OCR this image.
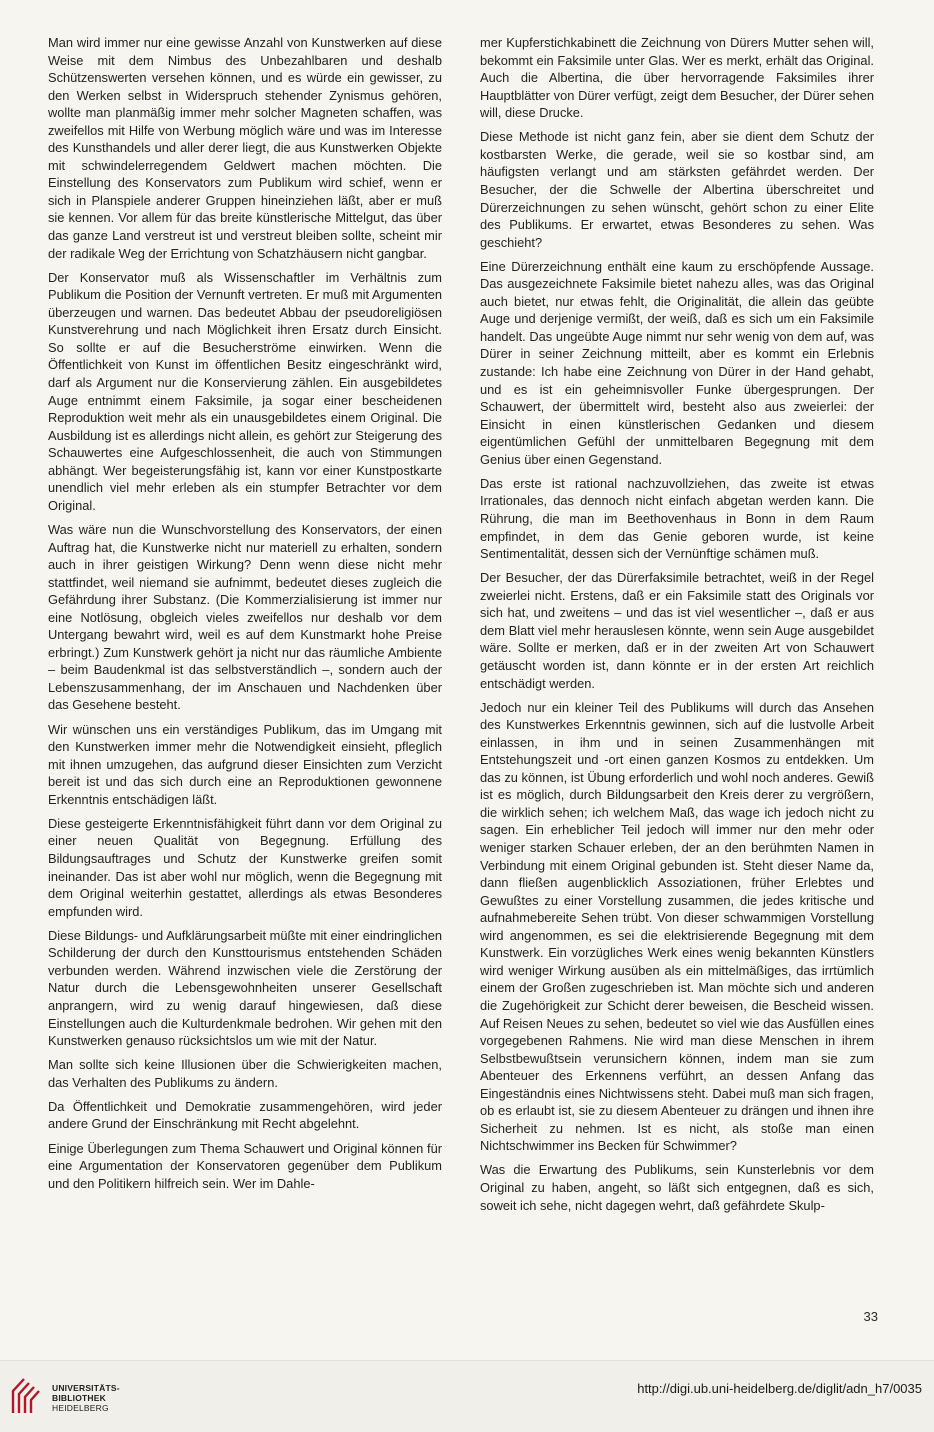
Man wird immer nur eine gewisse Anzahl von Kunstwerken auf diese Weise mit dem Nimbus des Unbezahlbaren und deshalb Schützenswerten versehen können, und es würde ein gewisser, zu den Werken selbst in Widerspruch stehender Zynismus gehören, wollte man planmäßig immer mehr solcher Magneten schaffen, was zweifellos mit Hilfe von Werbung möglich wäre und was im Interesse des Kunsthandels und aller derer liegt, die aus Kunstwerken Objekte mit schwindelerregendem Geldwert machen möchten. Die Einstellung des Konservators zum Publikum wird schief, wenn er sich in Planspiele anderer Gruppen hineinziehen läßt, aber er muß sie kennen. Vor allem für das breite künstlerische Mittelgut, das über das ganze Land verstreut ist und verstreut bleiben sollte, scheint mir der radikale Weg der Errichtung von Schatzhäusern nicht gangbar.

Der Konservator muß als Wissenschaftler im Verhältnis zum Publikum die Position der Vernunft vertreten. Er muß mit Argumenten überzeugen und warnen. Das bedeutet Abbau der pseudoreligiösen Kunstverehrung und nach Möglichkeit ihren Ersatz durch Einsicht. So sollte er auf die Besucherströme einwirken. Wenn die Öffentlichkeit von Kunst im öffentlichen Besitz eingeschränkt wird, darf als Argument nur die Konservierung zählen. Ein ausgebildetes Auge entnimmt einem Faksimile, ja sogar einer bescheidenen Reproduktion weit mehr als ein unausgebildetes einem Original. Die Ausbildung ist es allerdings nicht allein, es gehört zur Steigerung des Schauwertes eine Aufgeschlossenheit, die auch von Stimmungen abhängt. Wer begeisterungsfähig ist, kann vor einer Kunstpostkarte unendlich viel mehr erleben als ein stumpfer Betrachter vor dem Original.

Was wäre nun die Wunschvorstellung des Konservators, der einen Auftrag hat, die Kunstwerke nicht nur materiell zu erhalten, sondern auch in ihrer geistigen Wirkung? Denn wenn diese nicht mehr stattfindet, weil niemand sie aufnimmt, bedeutet dieses zugleich die Gefährdung ihrer Substanz. (Die Kommerzialisierung ist immer nur eine Notlösung, obgleich vieles zweifellos nur deshalb vor dem Untergang bewahrt wird, weil es auf dem Kunstmarkt hohe Preise erbringt.) Zum Kunstwerk gehört ja nicht nur das räumliche Ambiente – beim Baudenkmal ist das selbstverständlich –, sondern auch der Lebenszusammenhang, der im Anschauen und Nachdenken über das Gesehene besteht.

Wir wünschen uns ein verständiges Publikum, das im Umgang mit den Kunstwerken immer mehr die Notwendigkeit einsieht, pfleglich mit ihnen umzugehen, das aufgrund dieser Einsichten zum Verzicht bereit ist und das sich durch eine an Reproduktionen gewonnene Erkenntnis entschädigen läßt.

Diese gesteigerte Erkenntnisfähigkeit führt dann vor dem Original zu einer neuen Qualität von Begegnung. Erfüllung des Bildungsauftrages und Schutz der Kunstwerke greifen somit ineinander. Das ist aber wohl nur möglich, wenn die Begegnung mit dem Original weiterhin gestattet, allerdings als etwas Besonderes empfunden wird.

Diese Bildungs- und Aufklärungsarbeit müßte mit einer eindringlichen Schilderung der durch den Kunsttourismus entstehenden Schäden verbunden werden. Während inzwischen viele die Zerstörung der Natur durch die Lebensgewohnheiten unserer Gesellschaft anprangern, wird zu wenig darauf hingewiesen, daß diese Einstellungen auch die Kulturdenkmale bedrohen. Wir gehen mit den Kunstwerken genauso rücksichtslos um wie mit der Natur.

Man sollte sich keine Illusionen über die Schwierigkeiten machen, das Verhalten des Publikums zu ändern.

Da Öffentlichkeit und Demokratie zusammengehören, wird jeder andere Grund der Einschränkung mit Recht abgelehnt.

Einige Überlegungen zum Thema Schauwert und Original können für eine Argumentation der Konservatoren gegenüber dem Publikum und den Politikern hilfreich sein. Wer im Dahle-

mer Kupferstichkabinett die Zeichnung von Dürers Mutter sehen will, bekommt ein Faksimile unter Glas. Wer es merkt, erhält das Original. Auch die Albertina, die über hervorragende Faksimiles ihrer Hauptblätter von Dürer verfügt, zeigt dem Besucher, der Dürer sehen will, diese Drucke.

Diese Methode ist nicht ganz fein, aber sie dient dem Schutz der kostbarsten Werke, die gerade, weil sie so kostbar sind, am häufigsten verlangt und am stärksten gefährdet werden. Der Besucher, der die Schwelle der Albertina überschreitet und Dürerzeichnungen zu sehen wünscht, gehört schon zu einer Elite des Publikums. Er erwartet, etwas Besonderes zu sehen. Was geschieht?

Eine Dürerzeichnung enthält eine kaum zu erschöpfende Aussage. Das ausgezeichnete Faksimile bietet nahezu alles, was das Original auch bietet, nur etwas fehlt, die Originalität, die allein das geübte Auge und derjenige vermißt, der weiß, daß es sich um ein Faksimile handelt. Das ungeübte Auge nimmt nur sehr wenig von dem auf, was Dürer in seiner Zeichnung mitteilt, aber es kommt ein Erlebnis zustande: Ich habe eine Zeichnung von Dürer in der Hand gehabt, und es ist ein geheimnisvoller Funke übergesprungen. Der Schauwert, der übermittelt wird, besteht also aus zweierlei: der Einsicht in einen künstlerischen Gedanken und diesem eigentümlichen Gefühl der unmittelbaren Begegnung mit dem Genius über einen Gegenstand.

Das erste ist rational nachzuvollziehen, das zweite ist etwas Irrationales, das dennoch nicht einfach abgetan werden kann. Die Rührung, die man im Beethovenhaus in Bonn in dem Raum empfindet, in dem das Genie geboren wurde, ist keine Sentimentalität, dessen sich der Vernünftige schämen muß.

Der Besucher, der das Dürerfaksimile betrachtet, weiß in der Regel zweierlei nicht. Erstens, daß er ein Faksimile statt des Originals vor sich hat, und zweitens – und das ist viel wesentlicher –, daß er aus dem Blatt viel mehr herauslesen könnte, wenn sein Auge ausgebildet wäre. Sollte er merken, daß er in der zweiten Art von Schauwert getäuscht worden ist, dann könnte er in der ersten Art reichlich entschädigt werden.

Jedoch nur ein kleiner Teil des Publikums will durch das Ansehen des Kunstwerkes Erkenntnis gewinnen, sich auf die lustvolle Arbeit einlassen, in ihm und in seinen Zusammenhängen mit Entstehungszeit und -ort einen ganzen Kosmos zu entdekken. Um das zu können, ist Übung erforderlich und wohl noch anderes. Gewiß ist es möglich, durch Bildungsarbeit den Kreis derer zu vergrößern, die wirklich sehen; ich welchem Maß, das wage ich jedoch nicht zu sagen. Ein erheblicher Teil jedoch will immer nur den mehr oder weniger starken Schauer erleben, der an den berühmten Namen in Verbindung mit einem Original gebunden ist. Steht dieser Name da, dann fließen augenblicklich Assoziationen, früher Erlebtes und Gewußtes zu einer Vorstellung zusammen, die jedes kritische und aufnahmebereite Sehen trübt. Von dieser schwammigen Vorstellung wird angenommen, es sei die elektrisierende Begegnung mit dem Kunstwerk. Ein vorzügliches Werk eines wenig bekannten Künstlers wird weniger Wirkung ausüben als ein mittelmäßiges, das irrtümlich einem der Großen zugeschrieben ist. Man möchte sich und anderen die Zugehörigkeit zur Schicht derer beweisen, die Bescheid wissen. Auf Reisen Neues zu sehen, bedeutet so viel wie das Ausfüllen eines vorgegebenen Rahmens. Nie wird man diese Menschen in ihrem Selbstbewußtsein verunsichern können, indem man sie zum Abenteuer des Erkennens verführt, an dessen Anfang das Eingeständnis eines Nichtwissens steht. Dabei muß man sich fragen, ob es erlaubt ist, sie zu diesem Abenteuer zu drängen und ihnen ihre Sicherheit zu nehmen. Ist es nicht, als stoße man einen Nichtschwimmer ins Becken für Schwimmer?

Was die Erwartung des Publikums, sein Kunsterlebnis vor dem Original zu haben, angeht, so läßt sich entgegnen, daß es sich, soweit ich sehe, nicht dagegen wehrt, daß gefährdete Skulp-

33
UNIVERSITÄTS-
BIBLIOTHEK
HEIDELBERG
http://digi.ub.uni-heidelberg.de/diglit/adn_h7/0035
